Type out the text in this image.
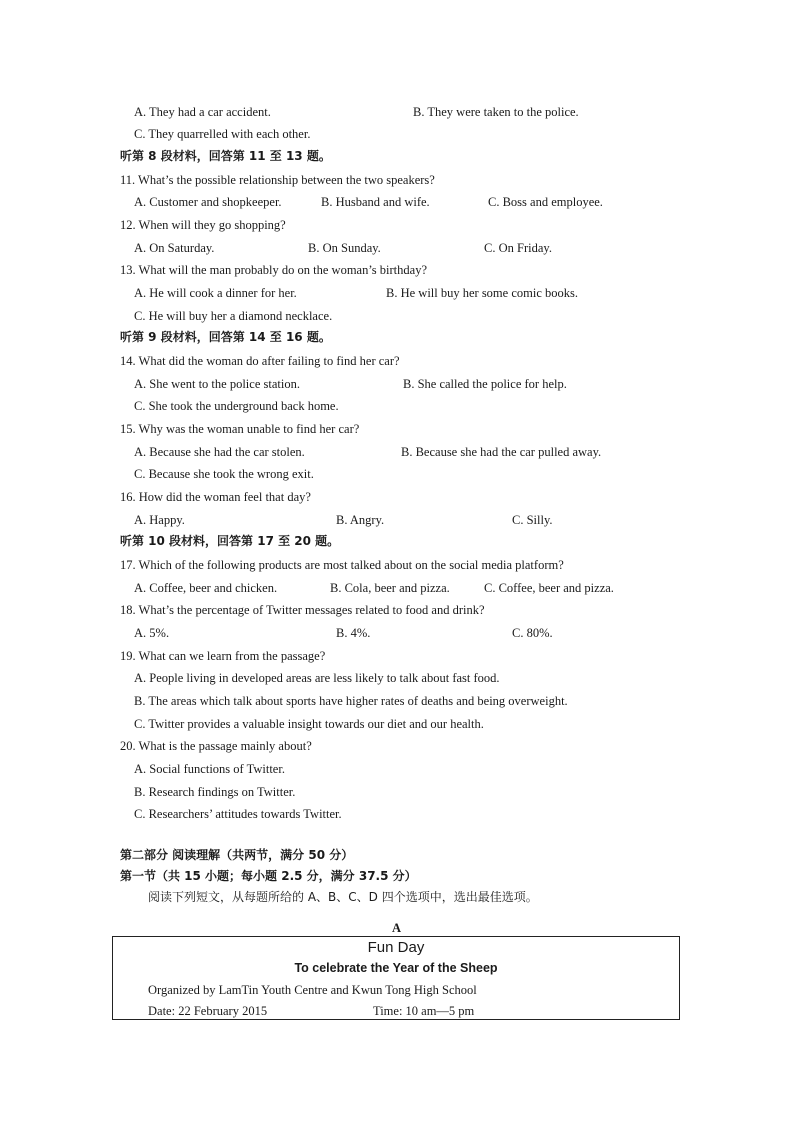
A. They had a car accident.	B. They were taken to the police.
C. They quarrelled with each other.
听第 8 段材料，回答第 11 至 13 题。
11. What’s the possible relationship between the two speakers?
A. Customer and shopkeeper.	B. Husband and wife.	C. Boss and employee.
12. When will they go shopping?
A. On Saturday.	B. On Sunday.	C. On Friday.
13. What will the man probably do on the woman’s birthday?
A. He will cook a dinner for her.	B. He will buy her some comic books.
C. He will buy her a diamond necklace.
听第 9 段材料，回答第 14 至 16 题。
14. What did the woman do after failing to find her car?
A. She went to the police station.	B. She called the police for help.
C. She took the underground back home.
15. Why was the woman unable to find her car?
A. Because she had the car stolen.	B. Because she had the car pulled away.
C. Because she took the wrong exit.
16. How did the woman feel that day?
A. Happy.	B. Angry.	C. Silly.
听第 10 段材料，回答第 17 至 20 题。
17. Which of the following products are most talked about on the social media platform?
A. Coffee, beer and chicken.	B. Cola, beer and pizza.	C. Coffee, beer and pizza.
18. What’s the percentage of Twitter messages related to food and drink?
A. 5%.	B. 4%.	C. 80%.
19. What can we learn from the passage?
A. People living in developed areas are less likely to talk about fast food.
B. The areas which talk about sports have higher rates of deaths and being overweight.
C. Twitter provides a valuable insight towards our diet and our health.
20. What is the passage mainly about?
A. Social functions of Twitter.
B. Research findings on Twitter.
C. Researchers’ attitudes towards Twitter.
第二部分 阅读理解（共两节，满分 50 分）
第一节（共 15 小题；每小题 2.5 分，满分 37.5 分）
阅读下列短文，从每题所给的 A、B、C、D 四个选项中，选出最佳选项。
A
Fun Day
To celebrate the Year of the Sheep
Organized by LamTin Youth Centre and Kwun Tong High School
Date: 22 February 2015	Time: 10 am—5 pm
